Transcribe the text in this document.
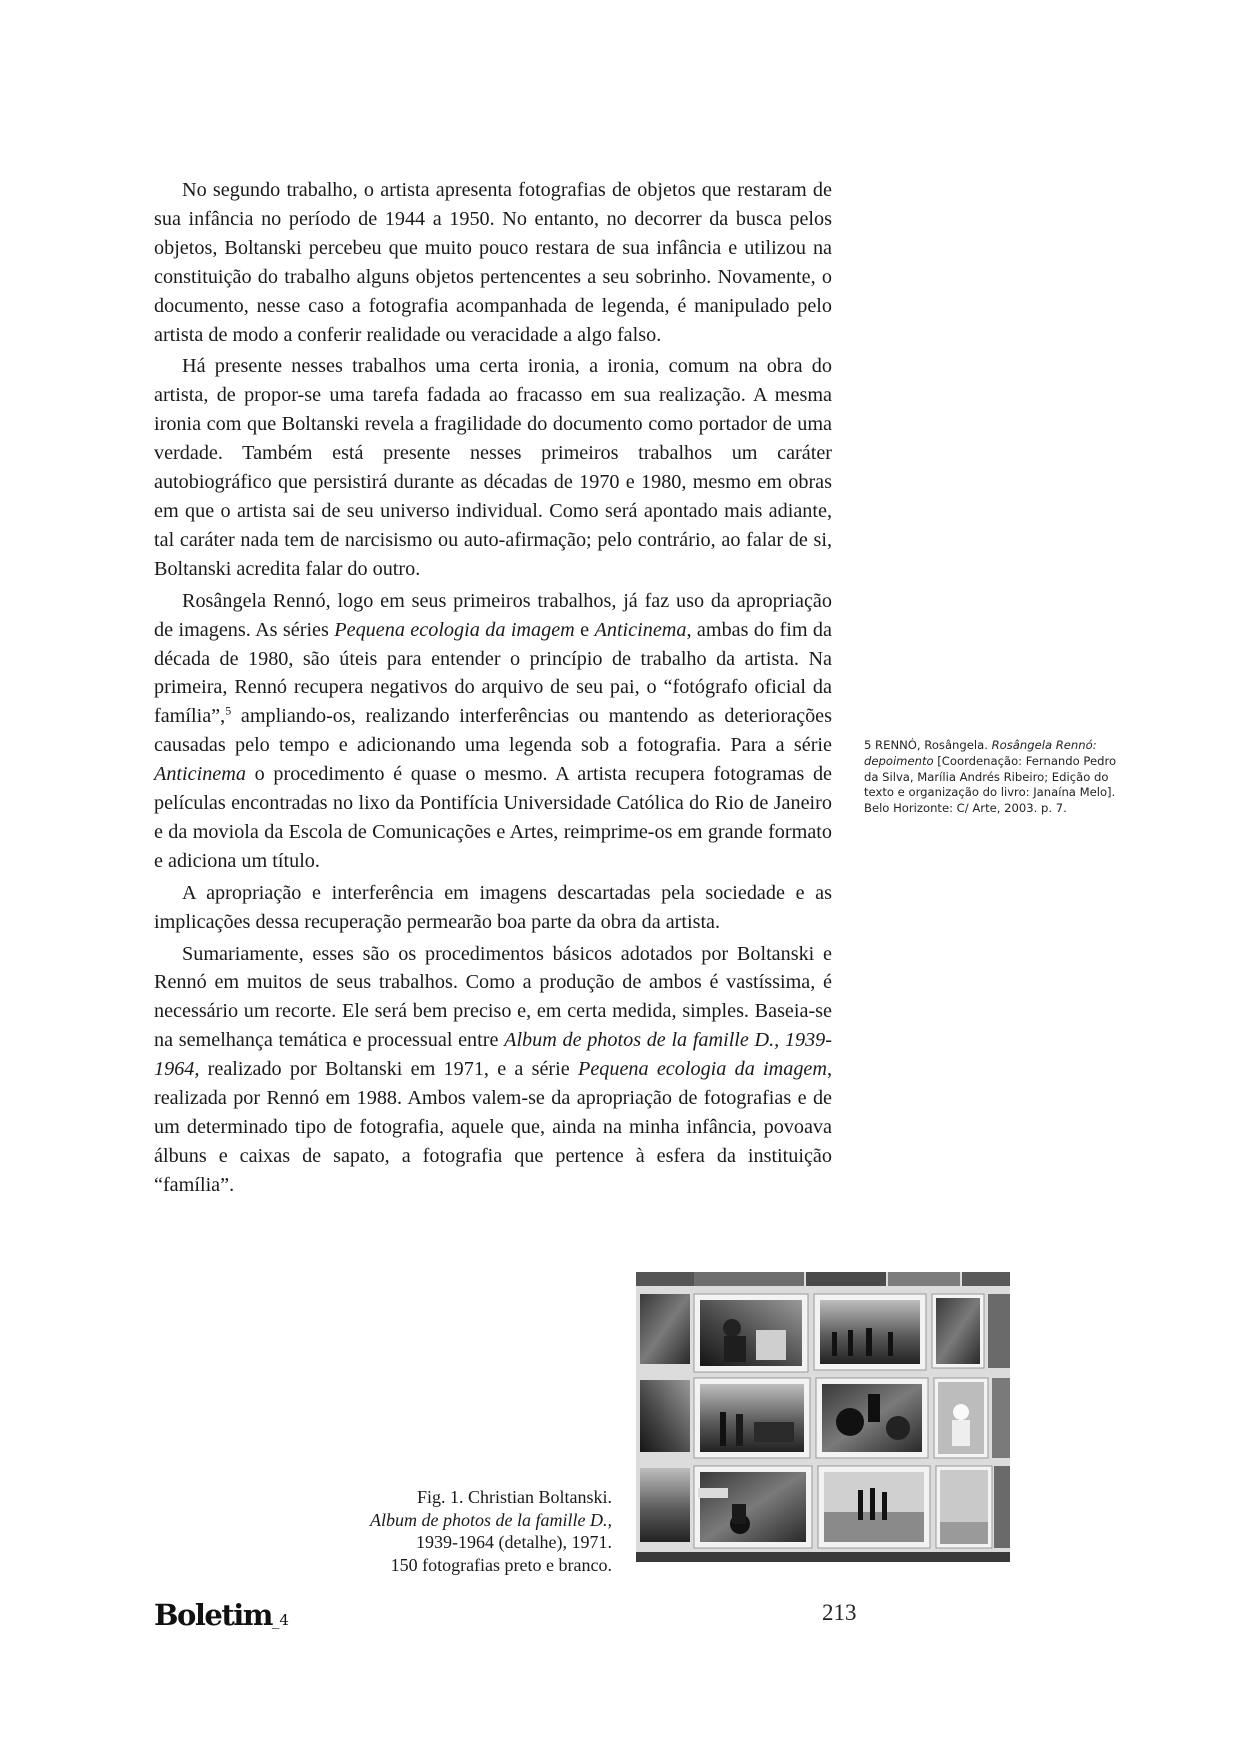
No segundo trabalho, o artista apresenta fotografias de objetos que restaram de sua infância no período de 1944 a 1950. No entanto, no decorrer da busca pelos objetos, Boltanski percebeu que muito pouco restara de sua infância e utilizou na constituição do trabalho alguns objetos pertencentes a seu sobrinho. Novamente, o documento, nesse caso a fotografia acompanhada de legenda, é manipulado pelo artista de modo a conferir realidade ou veracidade a algo falso.

Há presente nesses trabalhos uma certa ironia, a ironia, comum na obra do artista, de propor-se uma tarefa fadada ao fracasso em sua realização. A mesma ironia com que Boltanski revela a fragilidade do documento como portador de uma verdade. Também está presente nesses primeiros trabalhos um caráter autobiográfico que persistirá durante as décadas de 1970 e 1980, mesmo em obras em que o artista sai de seu universo individual. Como será apontado mais adiante, tal caráter nada tem de narcisismo ou auto-afirmação; pelo contrário, ao falar de si, Boltanski acredita falar do outro.

Rosângela Rennó, logo em seus primeiros trabalhos, já faz uso da apropriação de imagens. As séries Pequena ecologia da imagem e Anticinema, ambas do fim da década de 1980, são úteis para entender o princípio de trabalho da artista. Na primeira, Rennó recupera negativos do arquivo de seu pai, o “fotógrafo oficial da família”,$^5$ ampliando-os, realizando interferências ou mantendo as deteriorações causadas pelo tempo e adicionando uma legenda sob a fotografia. Para a série Anticinema o procedimento é quase o mesmo. A artista recupera fotogramas de películas encontradas no lixo da Pontifícia Universidade Católica do Rio de Janeiro e da moviola da Escola de Comunicações e Artes, reimprime-os em grande formato e adiciona um título.

A apropriação e interferência em imagens descartadas pela sociedade e as implicações dessa recuperação permearão boa parte da obra da artista.

Sumariamente, esses são os procedimentos básicos adotados por Boltanski e Rennó em muitos de seus trabalhos. Como a produção de ambos é vastíssima, é necessário um recorte. Ele será bem preciso e, em certa medida, simples. Baseia-se na semelhança temática e processual entre Album de photos de la famille D., 1939-1964, realizado por Boltanski em 1971, e a série Pequena ecologia da imagem, realizada por Rennó em 1988. Ambos valem-se da apropriação de fotografias e de um determinado tipo de fotografia, aquele que, ainda na minha infância, povoava álbuns e caixas de sapato, a fotografia que pertence à esfera da instituição “família”.

5 RENNÓ, Rosângela. Rosângela Rennó: depoimento [Coordenação: Fernando Pedro da Silva, Marília Andrés Ribeiro; Edição do texto e organização do livro: Janaína Melo]. Belo Horizonte: C/ Arte, 2003. p. 7.
Fig. 1. Christian Boltanski.
Album de photos de la famille D.,
1939-1964 (detalhe), 1971.
150 fotografias preto e branco.
Boletim_4	213
